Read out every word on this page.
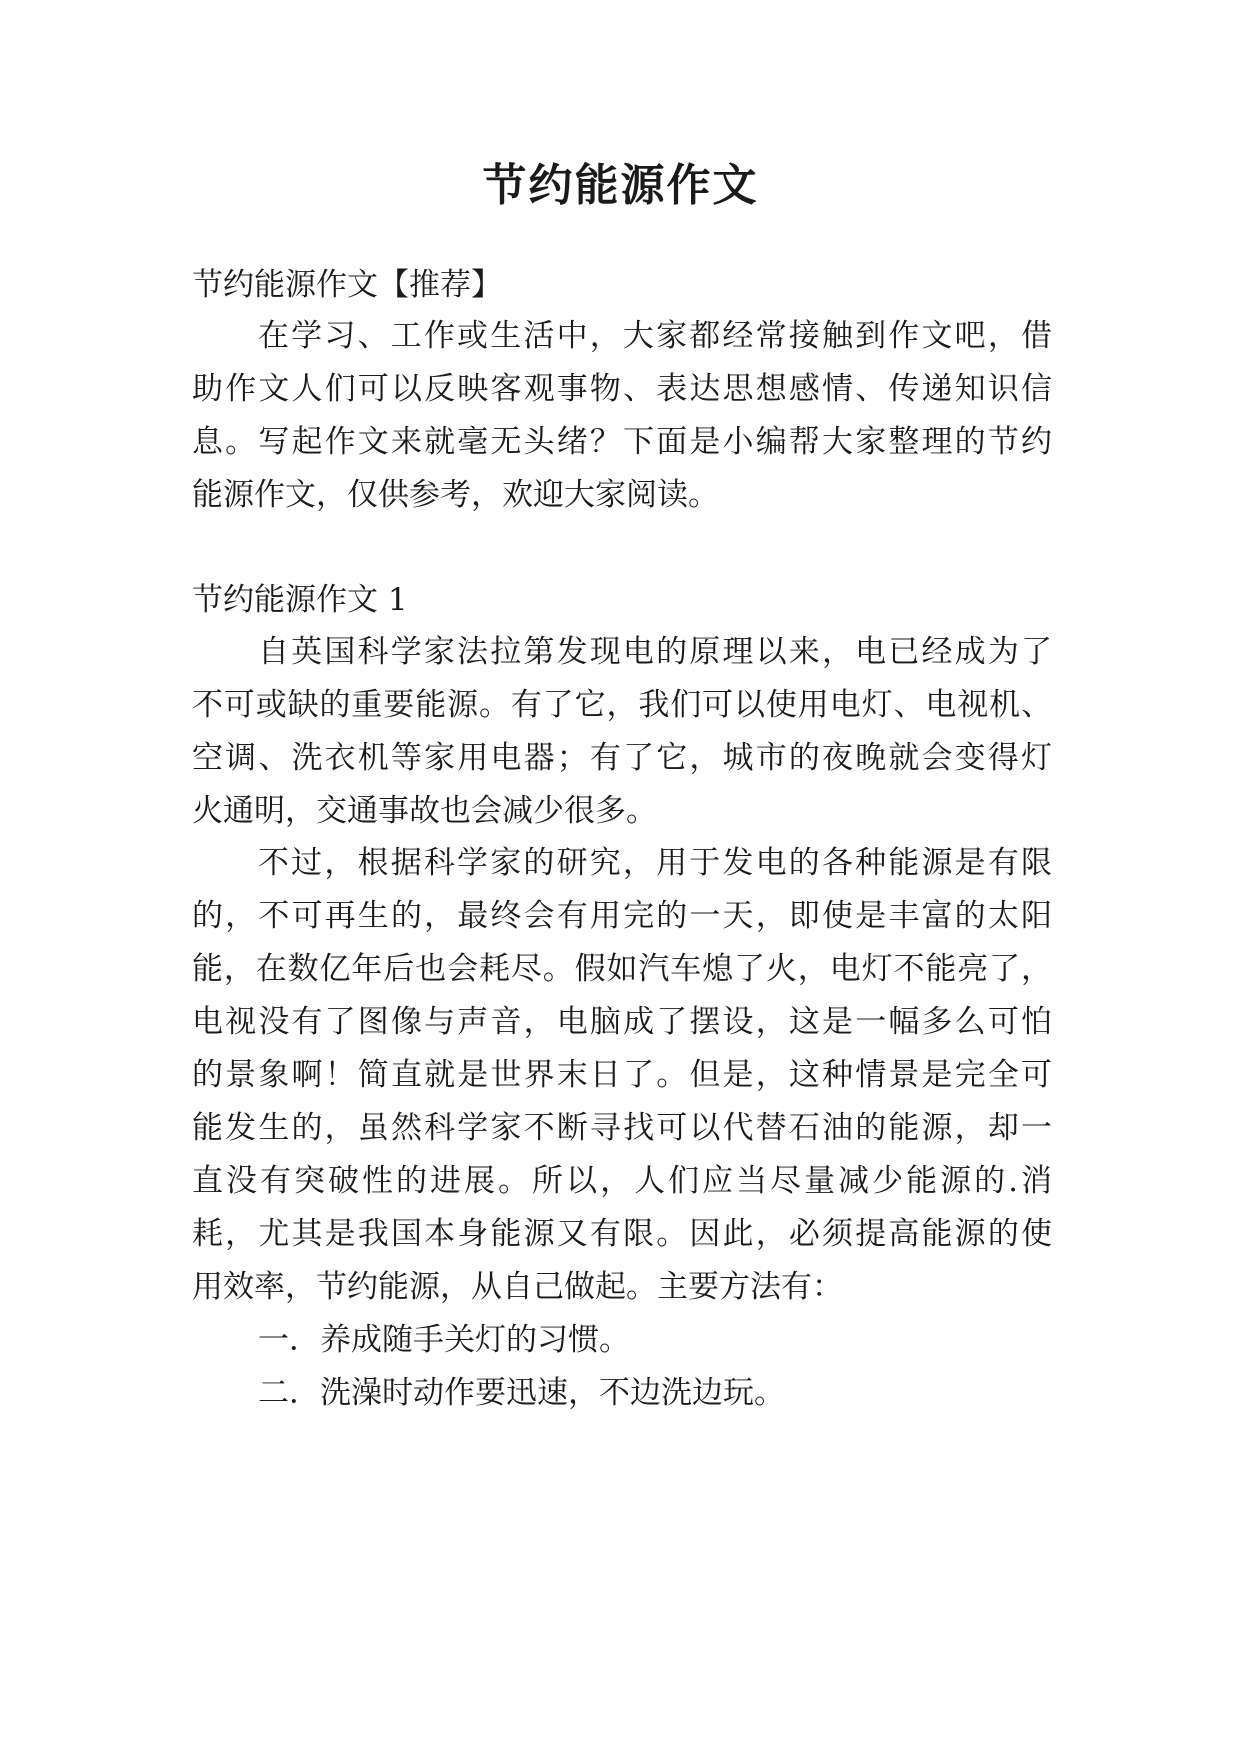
节约能源作文
节约能源作文【推荐】
在学习、工作或生活中，大家都经常接触到作文吧，借
助作文人们可以反映客观事物、表达思想感情、传递知识信
息。写起作文来就毫无头绪？下面是小编帮大家整理的节约
能源作文，仅供参考，欢迎大家阅读。
节约能源作文 1
自英国科学家法拉第发现电的原理以来，电已经成为了
不可或缺的重要能源。有了它，我们可以使用电灯、电视机、
空调、洗衣机等家用电器；有了它，城市的夜晚就会变得灯
火通明，交通事故也会减少很多。
不过，根据科学家的研究，用于发电的各种能源是有限
的，不可再生的，最终会有用完的一天，即使是丰富的太阳
能，在数亿年后也会耗尽。假如汽车熄了火，电灯不能亮了，
电视没有了图像与声音，电脑成了摆设，这是一幅多么可怕
的景象啊！简直就是世界末日了。但是，这种情景是完全可
能发生的，虽然科学家不断寻找可以代替石油的能源，却一
直没有突破性的进展。所以，人们应当尽量减少能源的.消
耗，尤其是我国本身能源又有限。因此，必须提高能源的使
用效率，节约能源，从自己做起。主要方法有：
一．养成随手关灯的习惯。
二．洗澡时动作要迅速，不边洗边玩。
